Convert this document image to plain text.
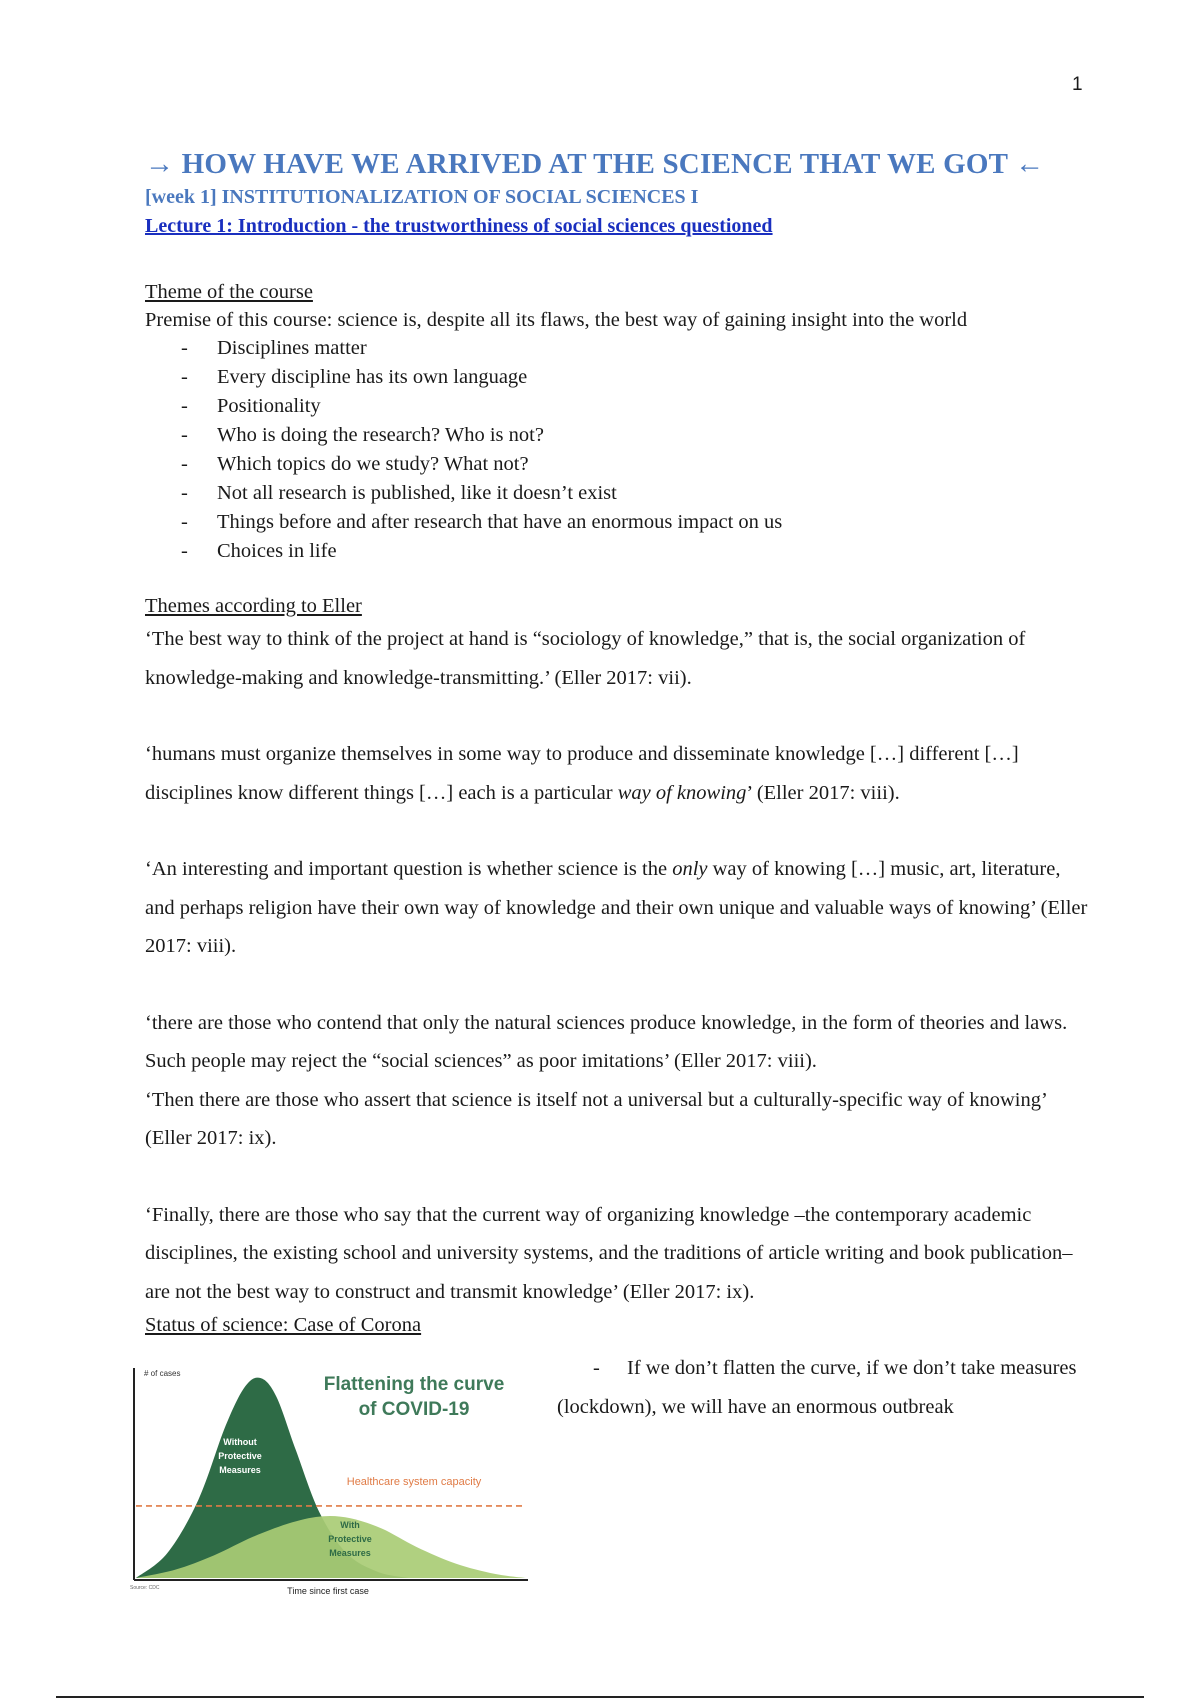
1
→ HOW HAVE WE ARRIVED AT THE SCIENCE THAT WE GOT ←
[week 1] INSTITUTIONALIZATION OF SOCIAL SCIENCES I
Lecture 1: Introduction - the trustworthiness of social sciences questioned
Theme of the course

Premise of this course: science is, despite all its flaws, the best way of gaining insight into the world

- Disciplines matter
- Every discipline has its own language
- Positionality
- Who is doing the research? Who is not?
- Which topics do we study? What not?
- Not all research is published, like it doesn’t exist
- Things before and after research that have an enormous impact on us
- Choices in life
Themes according to Eller

‘The best way to think of the project at hand is “sociology of knowledge,” that is, the social organization of knowledge-making and knowledge-transmitting.’ (Eller 2017: vii).

‘humans must organize themselves in some way to produce and disseminate knowledge […] different […] disciplines know different things […] each is a particular way of knowing’ (Eller 2017: viii).

‘An interesting and important question is whether science is the only way of knowing […] music, art, literature, and perhaps religion have their own way of knowledge and their own unique and valuable ways of knowing’ (Eller 2017: viii).

‘there are those who contend that only the natural sciences produce knowledge, in the form of theories and laws. Such people may reject the “social sciences” as poor imitations’ (Eller 2017: viii).

‘Then there are those who assert that science is itself not a universal but a culturally-specific way of knowing’ (Eller 2017: ix).

‘Finally, there are those who say that the current way of organizing knowledge –the contemporary academic disciplines, the existing school and university systems, and the traditions of article writing and book publication– are not the best way to construct and transmit knowledge’ (Eller 2017: ix).

Status of science: Case of Corona
# of cases
Flattening the curve
of COVID-19
Healthcare system capacity
Without
Protective
Measures
With
Protective
Measures
Source: CDC	Time since first case
- If we don’t flatten the curve, if we don’t take measures (lockdown), we will have an enormous outbreak
